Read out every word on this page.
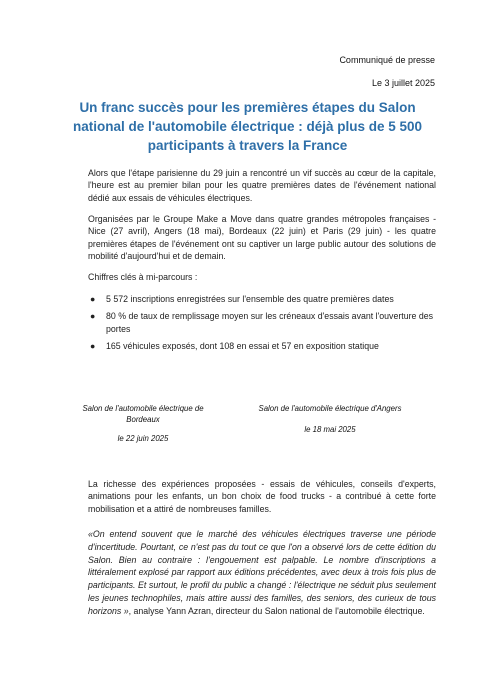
Communiqué de presse
Le 3 juillet 2025
Un franc succès pour les premières étapes du Salon national de l'automobile électrique : déjà plus de 5 500 participants à travers la France

Alors que l'étape parisienne du 29 juin a rencontré un vif succès au cœur de la capitale, l'heure est au premier bilan pour les quatre premières dates de l'événement national dédié aux essais de véhicules électriques.

Organisées par le Groupe Make a Move dans quatre grandes métropoles françaises - Nice (27 avril), Angers (18 mai), Bordeaux (22 juin) et Paris (29 juin) - les quatre premières étapes de l'événement ont su captiver un large public autour des solutions de mobilité d'aujourd'hui et de demain.

Chiffres clés à mi-parcours :

● 5 572 inscriptions enregistrées sur l'ensemble des quatre premières dates
● 80 % de taux de remplissage moyen sur les créneaux d'essais avant l'ouverture des portes
● 165 véhicules exposés, dont 108 en essai et 57 en exposition statique
Salon de l'automobile électrique de Bordeaux
le 22 juin 2025
Salon de l'automobile électrique d'Angers
le 18 mai 2025

La richesse des expériences proposées - essais de véhicules, conseils d'experts, animations pour les enfants, un bon choix de food trucks - a contribué à cette forte mobilisation et a attiré de nombreuses familles.

«On entend souvent que le marché des véhicules électriques traverse une période d'incertitude. Pourtant, ce n'est pas du tout ce que l'on a observé lors de cette édition du Salon. Bien au contraire : l'engouement est palpable. Le nombre d'inscriptions a littéralement explosé par rapport aux éditions précédentes, avec deux à trois fois plus de participants. Et surtout, le profil du public a changé : l'électrique ne séduit plus seulement les jeunes technophiles, mais attire aussi des familles, des seniors, des curieux de tous horizons », analyse Yann Azran, directeur du Salon national de l'automobile électrique.
